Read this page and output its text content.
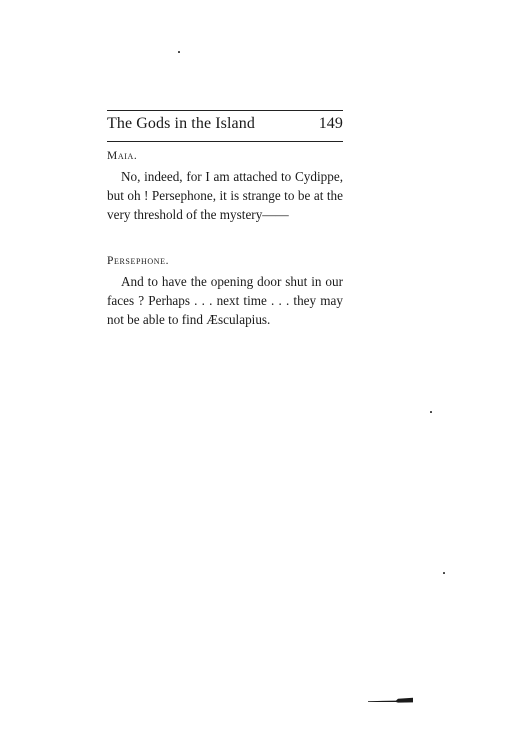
The Gods in the Island	149
Maia.

No, indeed, for I am attached to Cydippe, but oh ! Persephone, it is strange to be at the very threshold of the mystery——

Persephone.

And to have the opening door shut in our faces ? Perhaps . . . next time . . . they may not be able to find Æsculapius.
